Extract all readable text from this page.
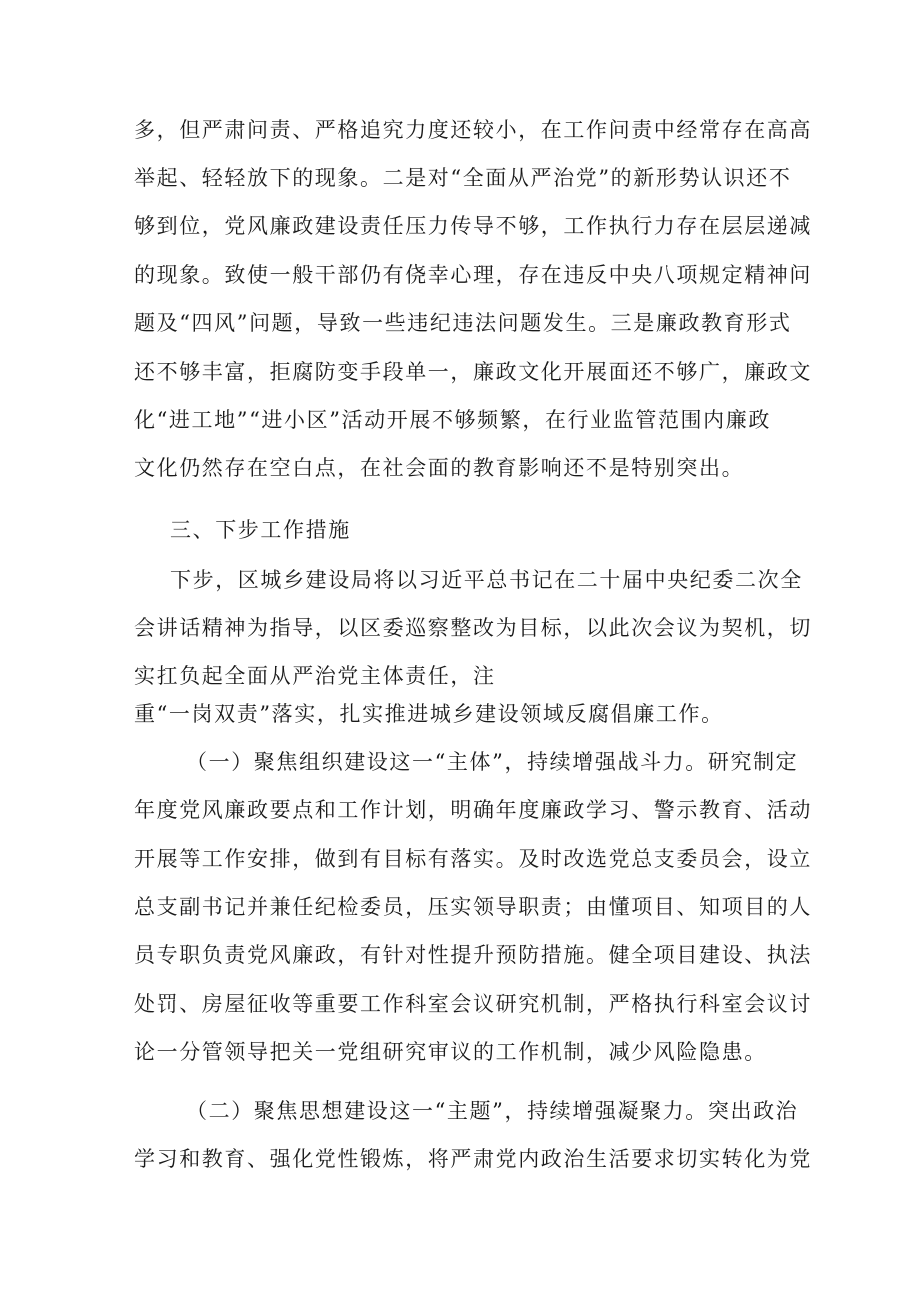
多，但严肃问责、严格追究力度还较小，在工作问责中经常存在高高
举起、轻轻放下的现象。二是对“全面从严治党”的新形势认识还不
够到位，党风廉政建设责任压力传导不够，工作执行力存在层层递减
的现象。致使一般干部仍有侥幸心理，存在违反中央八项规定精神问
题及“四风”问题，导致一些违纪违法问题发生。三是廉政教育形式
还不够丰富，拒腐防变手段单一，廉政文化开展面还不够广，廉政文
化“进工地”“进小区”活动开展不够频繁，在行业监管范围内廉政
文化仍然存在空白点，在社会面的教育影响还不是特别突出。
三、下步工作措施
下步，区城乡建设局将以习近平总书记在二十届中央纪委二次全
会讲话精神为指导，以区委巡察整改为目标，以此次会议为契机，切
实扛负起全面从严治党主体责任，注
重“一岗双责”落实，扎实推进城乡建设领域反腐倡廉工作。
（一）聚焦组织建设这一“主体”，持续增强战斗力。研究制定
年度党风廉政要点和工作计划，明确年度廉政学习、警示教育、活动
开展等工作安排，做到有目标有落实。及时改选党总支委员会，设立
总支副书记并兼任纪检委员，压实领导职责；由懂项目、知项目的人
员专职负责党风廉政，有针对性提升预防措施。健全项目建设、执法
处罚、房屋征收等重要工作科室会议研究机制，严格执行科室会议讨
论一分管领导把关一党组研究审议的工作机制，减少风险隐患。
（二）聚焦思想建设这一“主题”，持续增强凝聚力。突出政治
学习和教育、强化党性锻炼，将严肃党内政治生活要求切实转化为党
